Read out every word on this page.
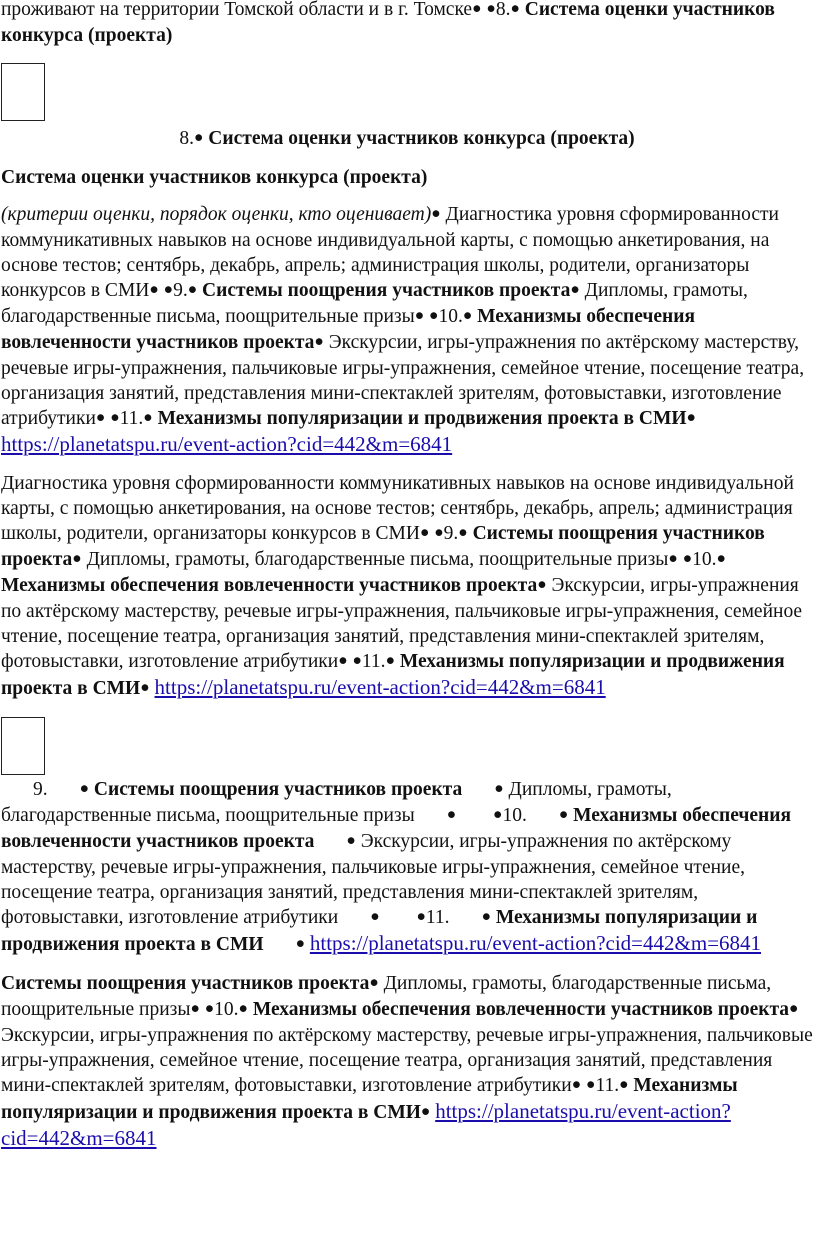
проживают на территории Томской области и в г. Томске● ●8.● Система оценки участников конкурса (проекта)

8.● Система оценки участников конкурса (проекта)

Система оценки участников конкурса (проекта)

(критерии оценки, порядок оценки, кто оценивает)● Диагностика уровня сформированности коммуникативных навыков на основе индивидуальной карты, с помощью анкетирования, на основе тестов; сентябрь, декабрь, апрель; администрация школы, родители, организаторы конкурсов в СМИ● ●9.● Системы поощрения участников проекта● Дипломы, грамоты, благодарственные письма, поощрительные призы● ●10.● Механизмы обеспечения вовлеченности участников проекта● Экскурсии, игры-упражнения по актёрскому мастерству, речевые игры-упражнения, пальчиковые игры-упражнения, семейное чтение, посещение театра, организация занятий, представления мини-спектаклей зрителям, фотовыставки, изготовление атрибутики● ●11.● Механизмы популяризации и продвижения проекта в СМИ● https://planetatspu.ru/event-action?cid=442&m=6841

Диагностика уровня сформированности коммуникативных навыков на основе индивидуальной карты, с помощью анкетирования, на основе тестов; сентябрь, декабрь, апрель; администрация школы, родители, организаторы конкурсов в СМИ● ●9.● Системы поощрения участников проекта● Дипломы, грамоты, благодарственные письма, поощрительные призы● ●10.● Механизмы обеспечения вовлеченности участников проекта● Экскурсии, игры-упражнения по актёрскому мастерству, речевые игры-упражнения, пальчиковые игры-упражнения, семейное чтение, посещение театра, организация занятий, представления мини-спектаклей зрителям, фотовыставки, изготовление атрибутики● ●11.● Механизмы популяризации и продвижения проекта в СМИ● https://planetatspu.ru/event-action?cid=442&m=6841

9. ● Системы поощрения участников проекта ● Дипломы, грамоты, благодарственные письма, поощрительные призы ● ●10. ● Механизмы обеспечения вовлеченности участников проекта ● Экскурсии, игры-упражнения по актёрскому мастерству, речевые игры-упражнения, пальчиковые игры-упражнения, семейное чтение, посещение театра, организация занятий, представления мини-спектаклей зрителям, фотовыставки, изготовление атрибутики ● ●11. ● Механизмы популяризации и продвижения проекта в СМИ ● https://planetatspu.ru/event-action?cid=442&m=6841

Системы поощрения участников проекта● Дипломы, грамоты, благодарственные письма, поощрительные призы● ●10.● Механизмы обеспечения вовлеченности участников проекта● Экскурсии, игры-упражнения по актёрскому мастерству, речевые игры-упражнения, пальчиковые игры-упражнения, семейное чтение, посещение театра, организация занятий, представления мини-спектаклей зрителям, фотовыставки, изготовление атрибутики● ●11.● Механизмы популяризации и продвижения проекта в СМИ● https://planetatspu.ru/event-action?cid=442&m=6841
